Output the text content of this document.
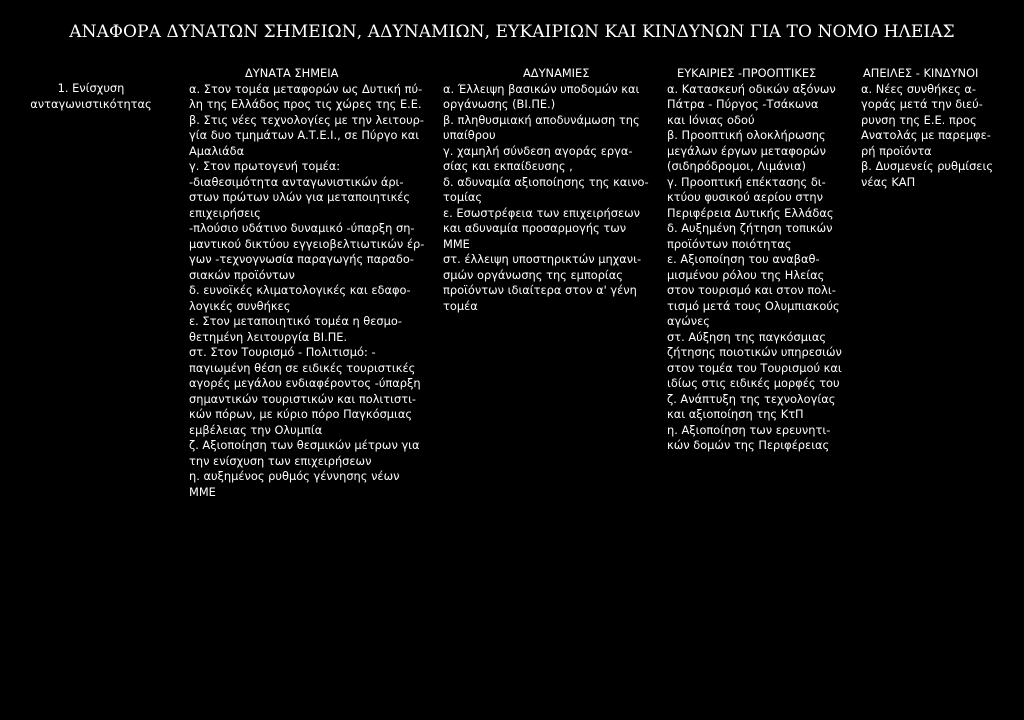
ΑΝΑΦΟΡΑ ΔΥΝΑΤΩΝ ΣΗΜΕΙΩΝ, ΑΔΥΝΑΜΙΩΝ, ΕΥΚΑΙΡΙΩΝ ΚΑΙ ΚΙΝΔΥΝΩΝ ΓΙΑ ΤΟ ΝΟΜΟ ΗΛΕΙΑΣ
1. Ενίσχυση
ανταγωνιστικότητας
ΔΥΝΑΤΑ ΣΗΜΕΙΑ
α. Στον τομέα μεταφορών ως Δυτική πύ-
λη της Ελλάδος προς τις χώρες της Ε.Ε.
β. Στις νέες τεχνολογίες με την λειτουρ-
γία δυο τμημάτων Α.Τ.Ε.Ι., σε Πύργο και
Αμαλιάδα
γ. Στον πρωτογενή τομέα:
-διαθεσιμότητα ανταγωνιστικών άρι-
στων πρώτων υλών για μεταποιητικές
επιχειρήσεις
-πλούσιο υδάτινο δυναμικό -ύπαρξη ση-
μαντικού δικτύου εγγειοβελτιωτικών έρ-
γων -τεχνογνωσία παραγωγής παραδο-
σιακών προϊόντων
δ. ευνοϊκές κλιματολογικές και εδαφο-
λογικές συνθήκες
ε. Στον μεταποιητικό τομέα η θεσμο-
θετημένη λειτουργία ΒΙ.ΠΕ.
στ. Στον Τουρισμό - Πολιτισμό: -
παγιωμένη θέση σε ειδικές τουριστικές
αγορές μεγάλου ενδιαφέροντος -ύπαρξη
σημαντικών τουριστικών και πολιτιστι-
κών πόρων, με κύριο πόρο Παγκόσμιας
εμβέλειας την Ολυμπία
ζ. Αξιοποίηση των θεσμικών μέτρων για
την ενίσχυση των επιχειρήσεων
η. αυξημένος ρυθμός γέννησης νέων
ΜΜΕ
ΑΔΥΝΑΜΙΕΣ
α. Έλλειψη βασικών υποδομών και
οργάνωσης (ΒΙ.ΠΕ.)
β. πληθυσμιακή αποδυνάμωση της
υπαίθρου
γ. χαμηλή σύνδεση αγοράς εργα-
σίας και εκπαίδευσης ,
δ. αδυναμία αξιοποίησης της καινο-
τομίας
ε. Εσωστρέφεια των επιχειρήσεων
και αδυναμία προσαρμογής των
ΜΜΕ
στ. έλλειψη υποστηρικτών μηχανι-
σμών οργάνωσης της εμπορίας
προϊόντων ιδιαίτερα στον α' γένη
τομέα
ΕΥΚΑΙΡΙΕΣ -ΠΡΟΟΠΤΙΚΕΣ
α. Κατασκευή οδικών αξόνων
Πάτρα - Πύργος -Τσάκωνα
και Ιόνιας οδού
β. Προοπτική ολοκλήρωσης
μεγάλων έργων μεταφορών
(σιδηρόδρομοι, Λιμάνια)
γ. Προοπτική επέκτασης δι-
κτύου φυσικού αερίου στην
Περιφέρεια Δυτικής Ελλάδας
δ. Αυξημένη ζήτηση τοπικών
προϊόντων ποιότητας
ε. Αξιοποίηση του αναβαθ-
μισμένου ρόλου της Ηλείας
στον τουρισμό και στον πολι-
τισμό μετά τους Ολυμπιακούς
αγώνες
στ. Αύξηση της παγκόσμιας
ζήτησης ποιοτικών υπηρεσιών
στον τομέα του Τουρισμού και
ιδίως στις ειδικές μορφές του
ζ. Ανάπτυξη της τεχνολογίας
και αξιοποίηση της ΚτΠ
η. Αξιοποίηση των ερευνητι-
κών δομών της Περιφέρειας
ΑΠΕΙΛΕΣ - ΚΙΝΔΥΝΟΙ
α. Νέες συνθήκες α-
γοράς μετά την διεύ-
ρυνση της Ε.Ε. προς
Ανατολάς με παρεμφε-
ρή προϊόντα
β. Δυσμενείς ρυθμίσεις
νέας ΚΑΠ
